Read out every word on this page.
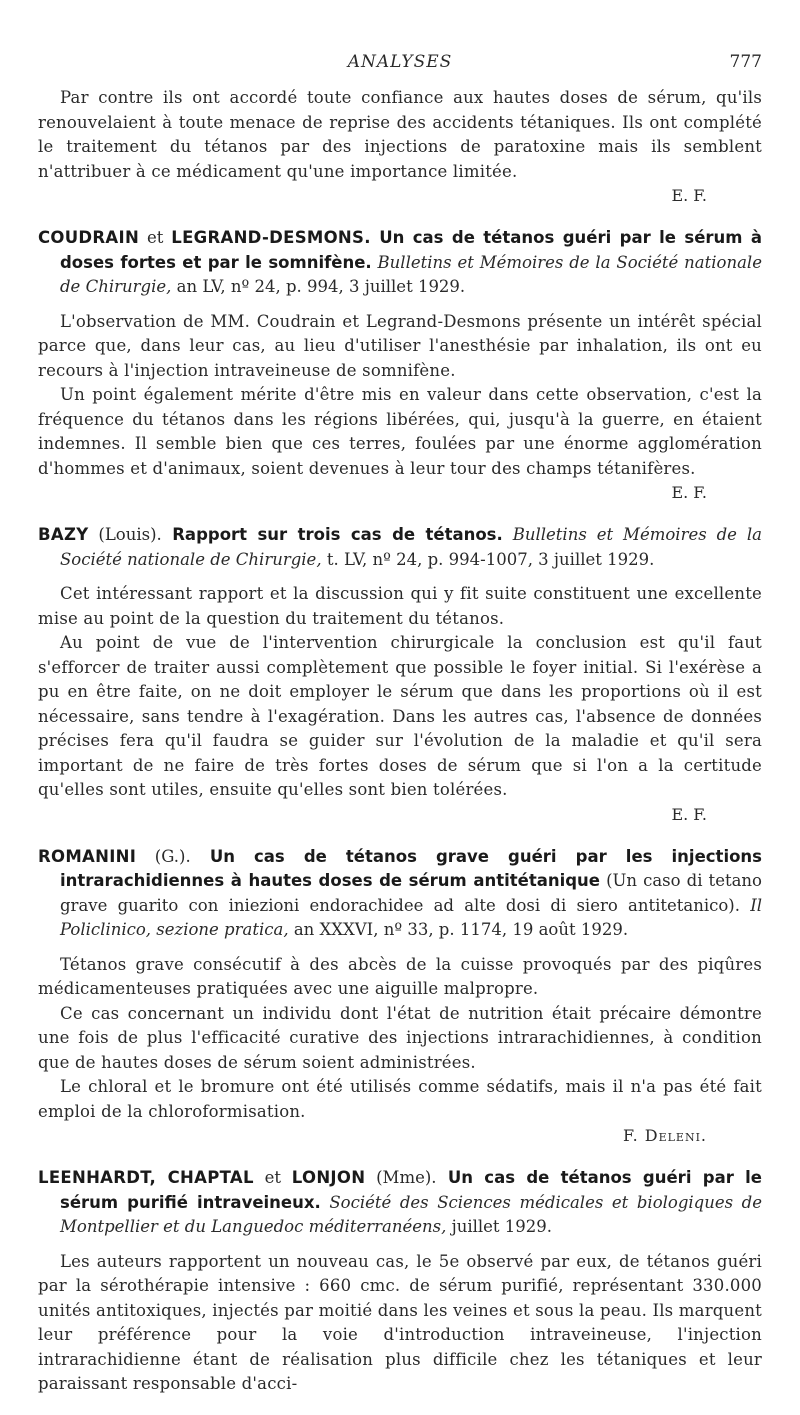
ANALYSES	777

Par contre ils ont accordé toute confiance aux hautes doses de sérum, qu'ils renouvelaient à toute menace de reprise des accidents tétaniques. Ils ont complété le traitement du tétanos par des injections de paratoxine mais ils semblent n'attribuer à ce médicament qu'une importance limitée.

E. F.
COUDRAIN et LEGRAND-DESMONS. Un cas de tétanos guéri par le sérum à doses fortes et par le somnifène. Bulletins et Mémoires de la Société nationale de Chirurgie, an LV, nº 24, p. 994, 3 juillet 1929.

L'observation de MM. Coudrain et Legrand-Desmons présente un intérêt spécial parce que, dans leur cas, au lieu d'utiliser l'anesthésie par inhalation, ils ont eu recours à l'injection intraveineuse de somnifène.

Un point également mérite d'être mis en valeur dans cette observation, c'est la fréquence du tétanos dans les régions libérées, qui, jusqu'à la guerre, en étaient indemnes. Il semble bien que ces terres, foulées par une énorme agglomération d'hommes et d'animaux, soient devenues à leur tour des champs tétanifères.

E. F.
BAZY (Louis). Rapport sur trois cas de tétanos. Bulletins et Mémoires de la Société nationale de Chirurgie, t. LV, nº 24, p. 994-1007, 3 juillet 1929.

Cet intéressant rapport et la discussion qui y fit suite constituent une excellente mise au point de la question du traitement du tétanos.

Au point de vue de l'intervention chirurgicale la conclusion est qu'il faut s'efforcer de traiter aussi complètement que possible le foyer initial. Si l'exérèse a pu en être faite, on ne doit employer le sérum que dans les proportions où il est nécessaire, sans tendre à l'exagération. Dans les autres cas, l'absence de données précises fera qu'il faudra se guider sur l'évolution de la maladie et qu'il sera important de ne faire de très fortes doses de sérum que si l'on a la certitude qu'elles sont utiles, ensuite qu'elles sont bien tolérées.

E. F.
ROMANINI (G.). Un cas de tétanos grave guéri par les injections intrarachidiennes à hautes doses de sérum antitétanique (Un caso di tetano grave guarito con iniezioni endorachidee ad alte dosi di siero antitetanico). Il Policlinico, sezione pratica, an XXXVI, nº 33, p. 1174, 19 août 1929.

Tétanos grave consécutif à des abcès de la cuisse provoqués par des piqûres médicamenteuses pratiquées avec une aiguille malpropre.

Ce cas concernant un individu dont l'état de nutrition était précaire démontre une fois de plus l'efficacité curative des injections intrarachidiennes, à condition que de hautes doses de sérum soient administrées.

Le chloral et le bromure ont été utilisés comme sédatifs, mais il n'a pas été fait emploi de la chloroformisation.

F. Deleni.
LEENHARDT, CHAPTAL et LONJON (Mme). Un cas de tétanos guéri par le sérum purifié intraveineux. Société des Sciences médicales et biologiques de Montpellier et du Languedoc méditerranéens, juillet 1929.

Les auteurs rapportent un nouveau cas, le 5e observé par eux, de tétanos guéri par la sérothérapie intensive : 660 cmc. de sérum purifié, représentant 330.000 unités antitoxiques, injectés par moitié dans les veines et sous la peau. Ils marquent leur préférence pour la voie d'introduction intraveineuse, l'injection intrarachidienne étant de réalisation plus difficile chez les tétaniques et leur paraissant responsable d'acci-
